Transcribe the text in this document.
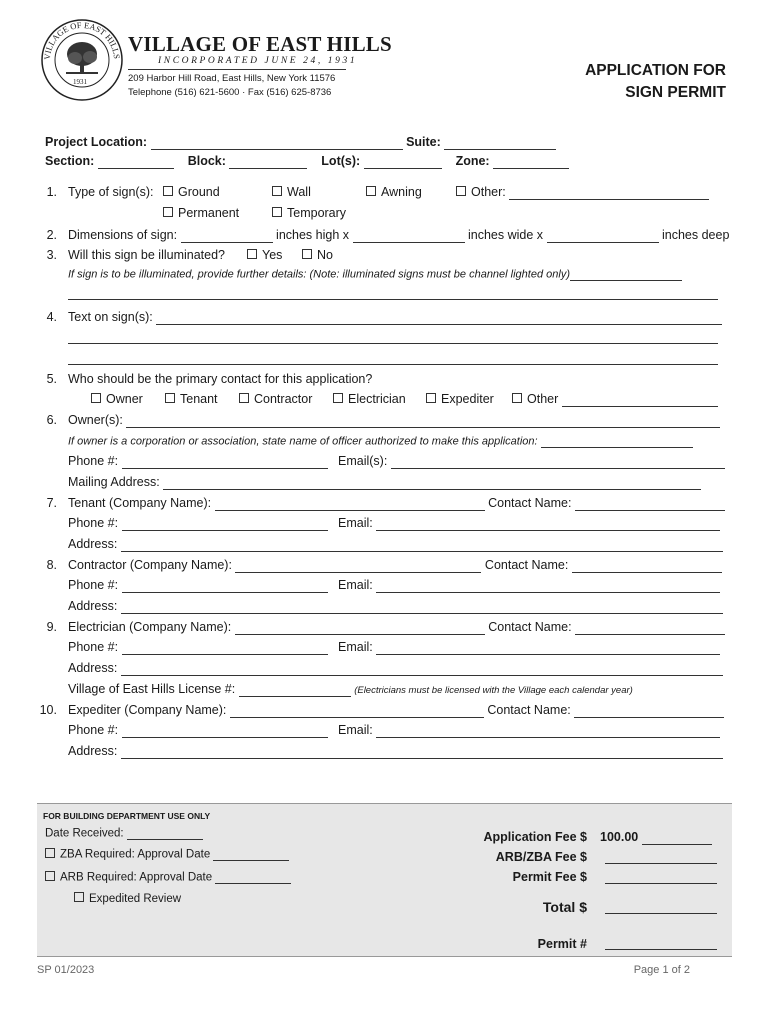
VILLAGE OF EAST HILLS
1931
VILLAGE OF EAST HILLS
INCORPORATED JUNE 24, 1931
209 Harbor Hill Road, East Hills, New York 11576
Telephone (516) 621-5600 · Fax (516) 625-8736
APPLICATION FOR
SIGN PERMIT
Project Location:	Suite:
Section:	Block:	Lot(s):	Zone:
1. Type of sign(s):	Ground	Wall	Awning	Other:
Permanent	Temporary
2. Dimensions of sign:	inches high x	inches wide x	inches deep
3. Will this sign be illuminated?	Yes	No
If sign is to be illuminated, provide further details: (Note: illuminated signs must be channel lighted only)
4. Text on sign(s):
5. Who should be the primary contact for this application?
Owner	Tenant	Contractor	Electrician	Expediter	Other
6. Owner(s):
If owner is a corporation or association, state name of officer authorized to make this application:
Phone #:	Email(s):
Mailing Address:
7. Tenant (Company Name):	Contact Name:
Phone #:	Email:
Address:
8. Contractor (Company Name):	Contact Name:
Phone #:	Email:
Address:
9. Electrician (Company Name):	Contact Name:
Phone #:	Email:
Address:
Village of East Hills License #:	(Electricians must be licensed with the Village each calendar year)
10. Expediter (Company Name):	Contact Name:
Phone #:	Email:
Address:
FOR BUILDING DEPARTMENT USE ONLY
Date Received:
ZBA Required: Approval Date
ARB Required: Approval Date
Expedited Review
Application Fee $ 100.00
ARB/ZBA Fee $
Permit Fee $
Total $
Permit #
SP 01/2023	Page 1 of 2
